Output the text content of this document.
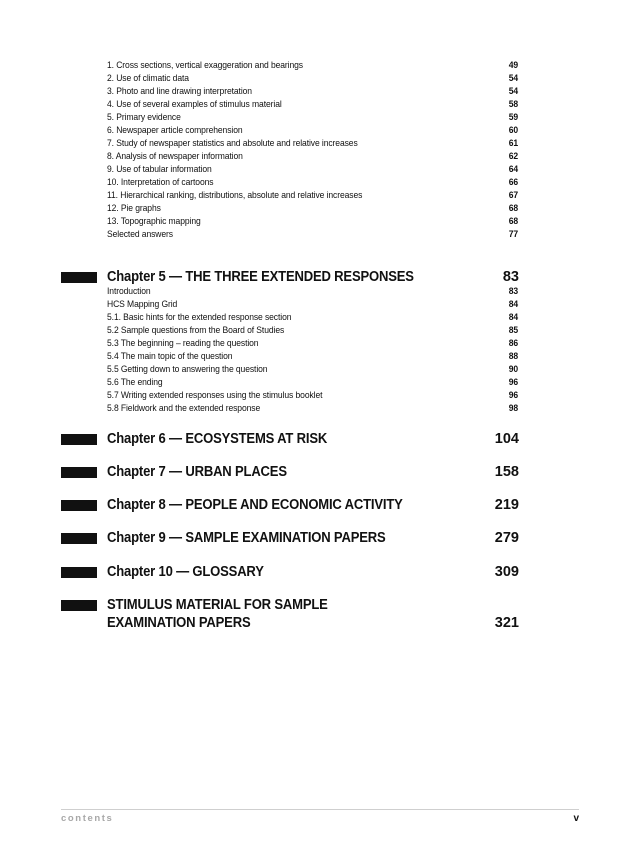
1. Cross sections, vertical exaggeration and bearings	49
2. Use of climatic data	54
3. Photo and line drawing interpretation	54
4. Use of several examples of stimulus material	58
5. Primary evidence	59
6. Newspaper article comprehension	60
7. Study of newspaper statistics and absolute and relative increases	61
8. Analysis of newspaper information	62
9. Use of tabular information	64
10. Interpretation of cartoons	66
11. Hierarchical ranking, distributions, absolute and relative increases	67
12. Pie graphs	68
13. Topographic mapping	68
Selected answers	77
Chapter 5 — THE THREE EXTENDED RESPONSES	83
Introduction	83
HCS Mapping Grid	84
5.1. Basic hints for the extended response section	84
5.2 Sample questions from the Board of Studies	85
5.3 The beginning – reading the question	86
5.4 The main topic of the question	88
5.5 Getting down to answering the question	90
5.6 The ending	96
5.7 Writing extended responses using the stimulus booklet	96
5.8 Fieldwork and the extended response	98
Chapter 6 — ECOSYSTEMS AT RISK	104
Chapter 7 — URBAN PLACES	158
Chapter 8 — PEOPLE AND ECONOMIC ACTIVITY	219
Chapter 9 — SAMPLE EXAMINATION PAPERS	279
Chapter 10 — GLOSSARY	309
STIMULUS MATERIAL FOR SAMPLE
EXAMINATION PAPERS	321
contents	v
